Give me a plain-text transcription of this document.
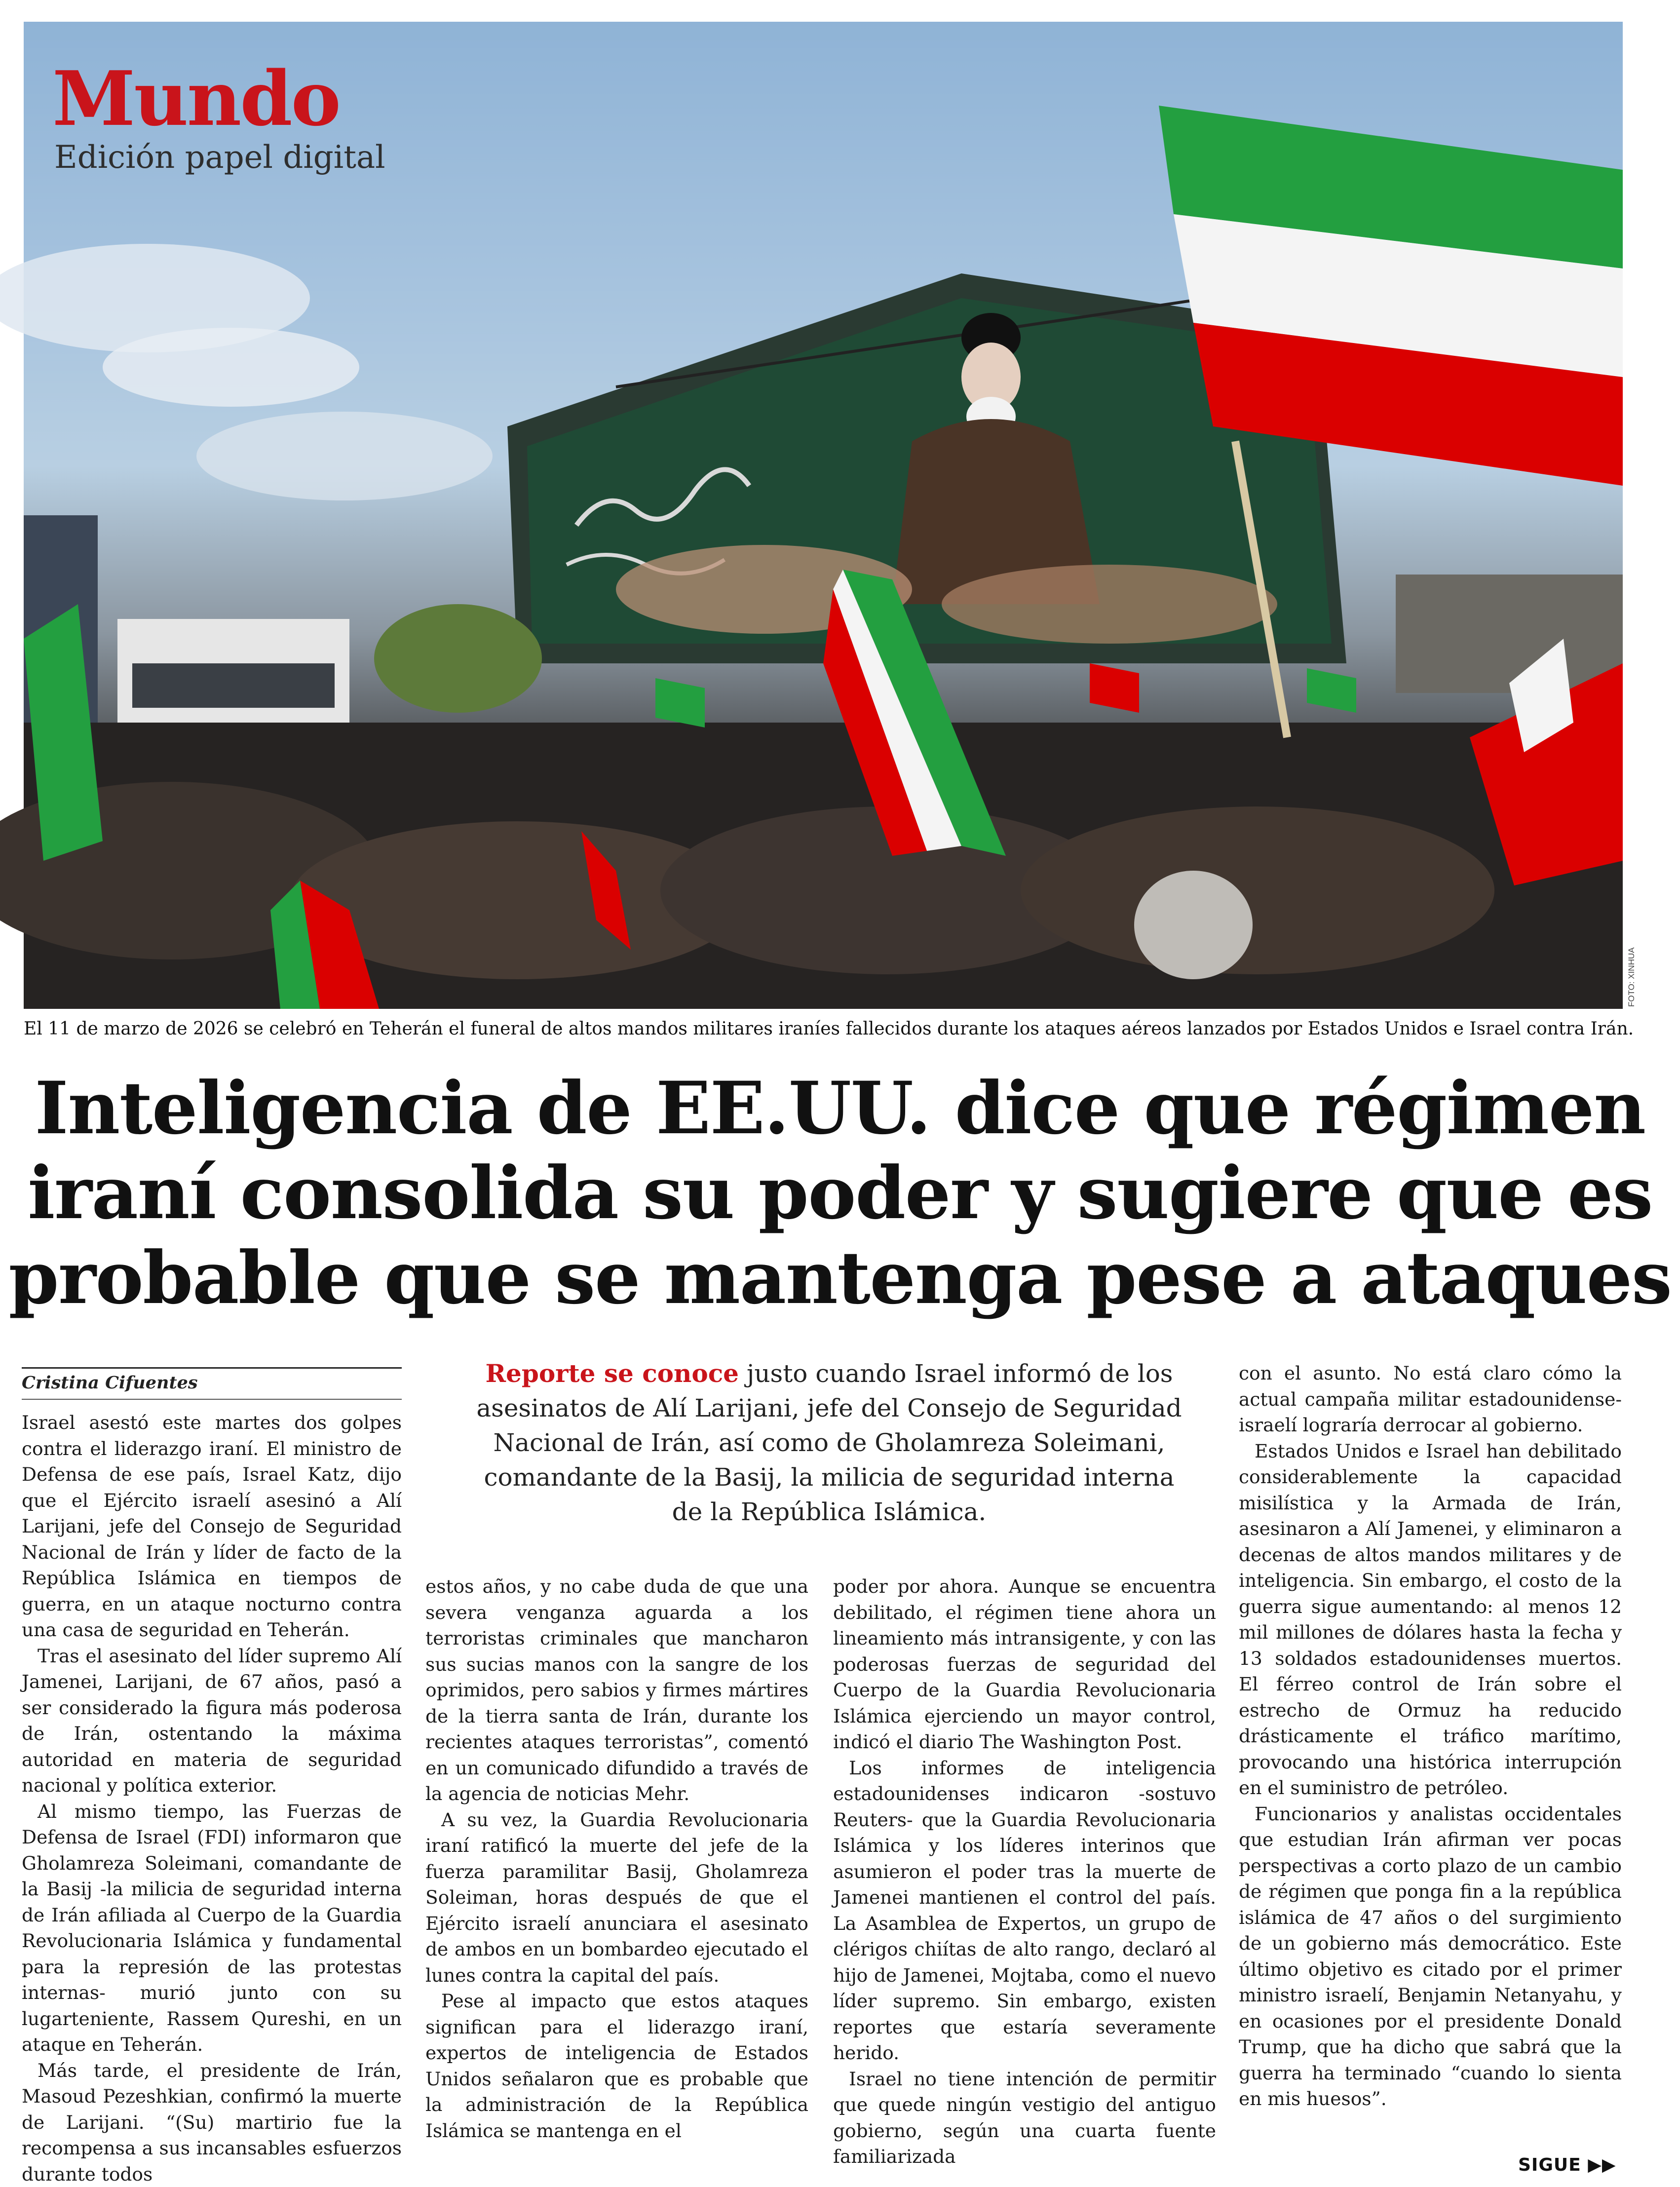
Mundo
Edición papel digital
FOTO: XINHUA
El 11 de marzo de 2026 se celebró en Teherán el funeral de altos mandos militares iraníes fallecidos durante los ataques aéreos lanzados por Estados Unidos e Israel contra Irán.
Inteligencia de EE.UU. dice que régimen
iraní consolida su poder y sugiere que es
probable que se mantenga pese a ataques
Cristina Cifuentes

Israel asestó este martes dos golpes contra el liderazgo iraní. El ministro de Defensa de ese país, Israel Katz, dijo que el Ejército israelí asesinó a Alí Larijani, jefe del Consejo de Seguridad Nacional de Irán y líder de facto de la República Islámica en tiempos de guerra, en un ataque nocturno contra una casa de seguridad en Teherán.

Tras el asesinato del líder supremo Alí Jamenei, Larijani, de 67 años, pasó a ser considerado la figura más poderosa de Irán, ostentando la máxima autoridad en materia de seguridad nacional y política exterior.

Al mismo tiempo, las Fuerzas de Defensa de Israel (FDI) informaron que Gholamreza Soleimani, comandante de la Basij -la milicia de seguridad interna de Irán afiliada al Cuerpo de la Guardia Revolucionaria Islámica y fundamental para la represión de las protestas internas- murió junto con su lugarteniente, Rassem Qureshi, en un ataque en Teherán.

Más tarde, el presidente de Irán, Masoud Pezeshkian, confirmó la muerte de Larijani. “(Su) martirio fue la recompensa a sus incansables esfuerzos durante todos

Reporte se conoce justo cuando Israel informó de los asesinatos de Alí Larijani, jefe del Consejo de Seguridad Nacional de Irán, así como de Gholamreza Soleimani, comandante de la Basij, la milicia de seguridad interna de la República Islámica.

estos años, y no cabe duda de que una severa venganza aguarda a los terroristas criminales que mancharon sus sucias manos con la sangre de los oprimidos, pero sabios y firmes mártires de la tierra santa de Irán, durante los recientes ataques terroristas”, comentó en un comunicado difundido a través de la agencia de noticias Mehr.

A su vez, la Guardia Revolucionaria iraní ratificó la muerte del jefe de la fuerza paramilitar Basij, Gholamreza Soleiman, horas después de que el Ejército israelí anunciara el asesinato de ambos en un bombardeo ejecutado el lunes contra la capital del país.

Pese al impacto que estos ataques significan para el liderazgo iraní, expertos de inteligencia de Estados Unidos señalaron que es probable que la administración de la República Islámica se mantenga en el

poder por ahora. Aunque se encuentra debilitado, el régimen tiene ahora un lineamiento más intransigente, y con las poderosas fuerzas de seguridad del Cuerpo de la Guardia Revolucionaria Islámica ejerciendo un mayor control, indicó el diario The Washington Post.

Los informes de inteligencia estadounidenses indicaron -sostuvo Reuters- que la Guardia Revolucionaria Islámica y los líderes interinos que asumieron el poder tras la muerte de Jamenei mantienen el control del país. La Asamblea de Expertos, un grupo de clérigos chiítas de alto rango, declaró al hijo de Jamenei, Mojtaba, como el nuevo líder supremo. Sin embargo, existen reportes que estaría severamente herido.

Israel no tiene intención de permitir que quede ningún vestigio del antiguo gobierno, según una cuarta fuente familiarizada

con el asunto. No está claro cómo la actual campaña militar estadounidense-israelí lograría derrocar al gobierno.

Estados Unidos e Israel han debilitado considerablemente la capacidad misilística y la Armada de Irán, asesinaron a Alí Jamenei, y eliminaron a decenas de altos mandos militares y de inteligencia. Sin embargo, el costo de la guerra sigue aumentando: al menos 12 mil millones de dólares hasta la fecha y 13 soldados estadounidenses muertos. El férreo control de Irán sobre el estrecho de Ormuz ha reducido drásticamente el tráfico marítimo, provocando una histórica interrupción en el suministro de petróleo.

Funcionarios y analistas occidentales que estudian Irán afirman ver pocas perspectivas a corto plazo de un cambio de régimen que ponga fin a la república islámica de 47 años o del surgimiento de un gobierno más democrático. Este último objetivo es citado por el primer ministro israelí, Benjamin Netanyahu, y en ocasiones por el presidente Donald Trump, que ha dicho que sabrá que la guerra ha terminado “cuando lo sienta en mis huesos”.

SIGUE ▶▶
